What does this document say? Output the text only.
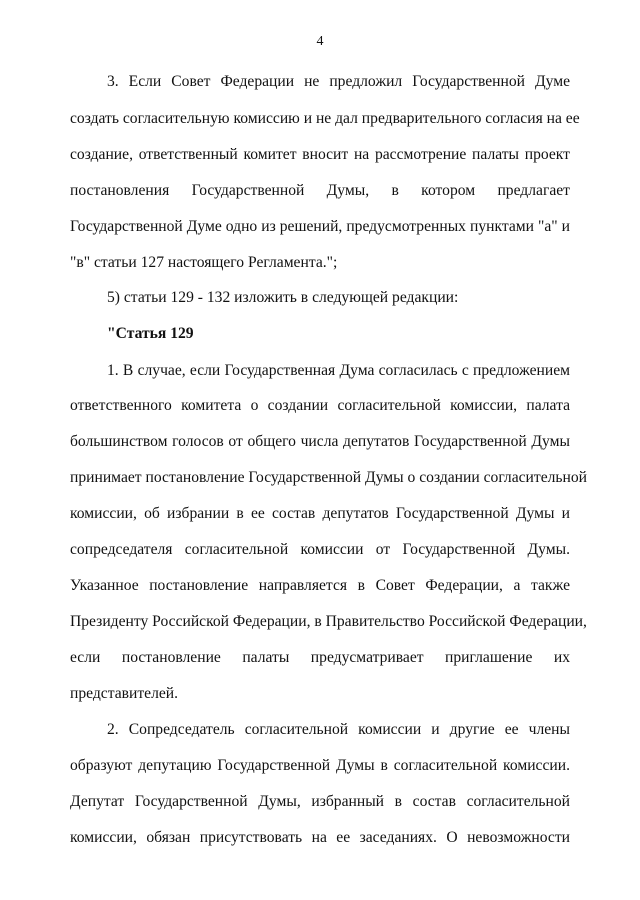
4
3. Если Совет Федерации не предложил Государственной Думе
создать согласительную комиссию и не дал предварительного согласия на ее
создание, ответственный комитет вносит на рассмотрение палаты проект
постановления Государственной Думы, в котором предлагает
Государственной Думе одно из решений, предусмотренных пунктами "а" и
"в" статьи 127 настоящего Регламента.";
5) статьи 129 - 132 изложить в следующей редакции:
"Статья 129
1. В случае, если Государственная Дума согласилась с предложением
ответственного комитета о создании согласительной комиссии, палата
большинством голосов от общего числа депутатов Государственной Думы
принимает постановление Государственной Думы о создании согласительной
комиссии, об избрании в ее состав депутатов Государственной Думы и
сопредседателя согласительной комиссии от Государственной Думы.
Указанное постановление направляется в Совет Федерации, а также
Президенту Российской Федерации, в Правительство Российской Федерации,
если постановление палаты предусматривает приглашение их
представителей.
2. Сопредседатель согласительной комиссии и другие ее члены
образуют депутацию Государственной Думы в согласительной комиссии.
Депутат Государственной Думы, избранный в состав согласительной
комиссии, обязан присутствовать на ее заседаниях. О невозможности
